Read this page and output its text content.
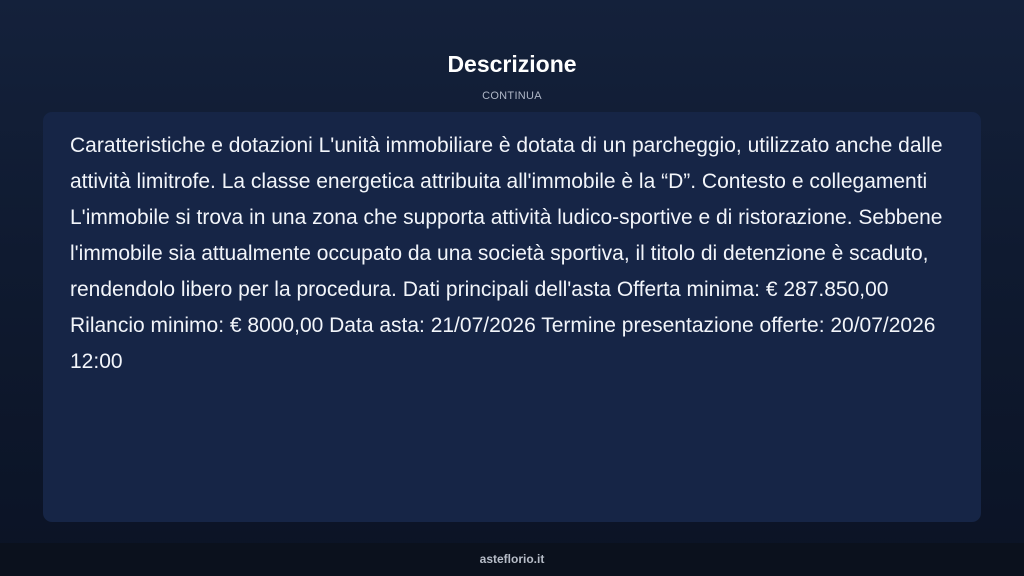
Descrizione
CONTINUA

Caratteristiche e dotazioni L'unità immobiliare è dotata di un parcheggio, utilizzato anche dalle attività limitrofe. La classe energetica attribuita all'immobile è la “D”. Contesto e collegamenti L'immobile si trova in una zona che supporta attività ludico-sportive e di ristorazione. Sebbene l'immobile sia attualmente occupato da una società sportiva, il titolo di detenzione è scaduto, rendendolo libero per la procedura. Dati principali dell'asta Offerta minima: € 287.850,00 Rilancio minimo: € 8000,00 Data asta: 21/07/2026 Termine presentazione offerte: 20/07/2026 12:00

asteflorio.it
